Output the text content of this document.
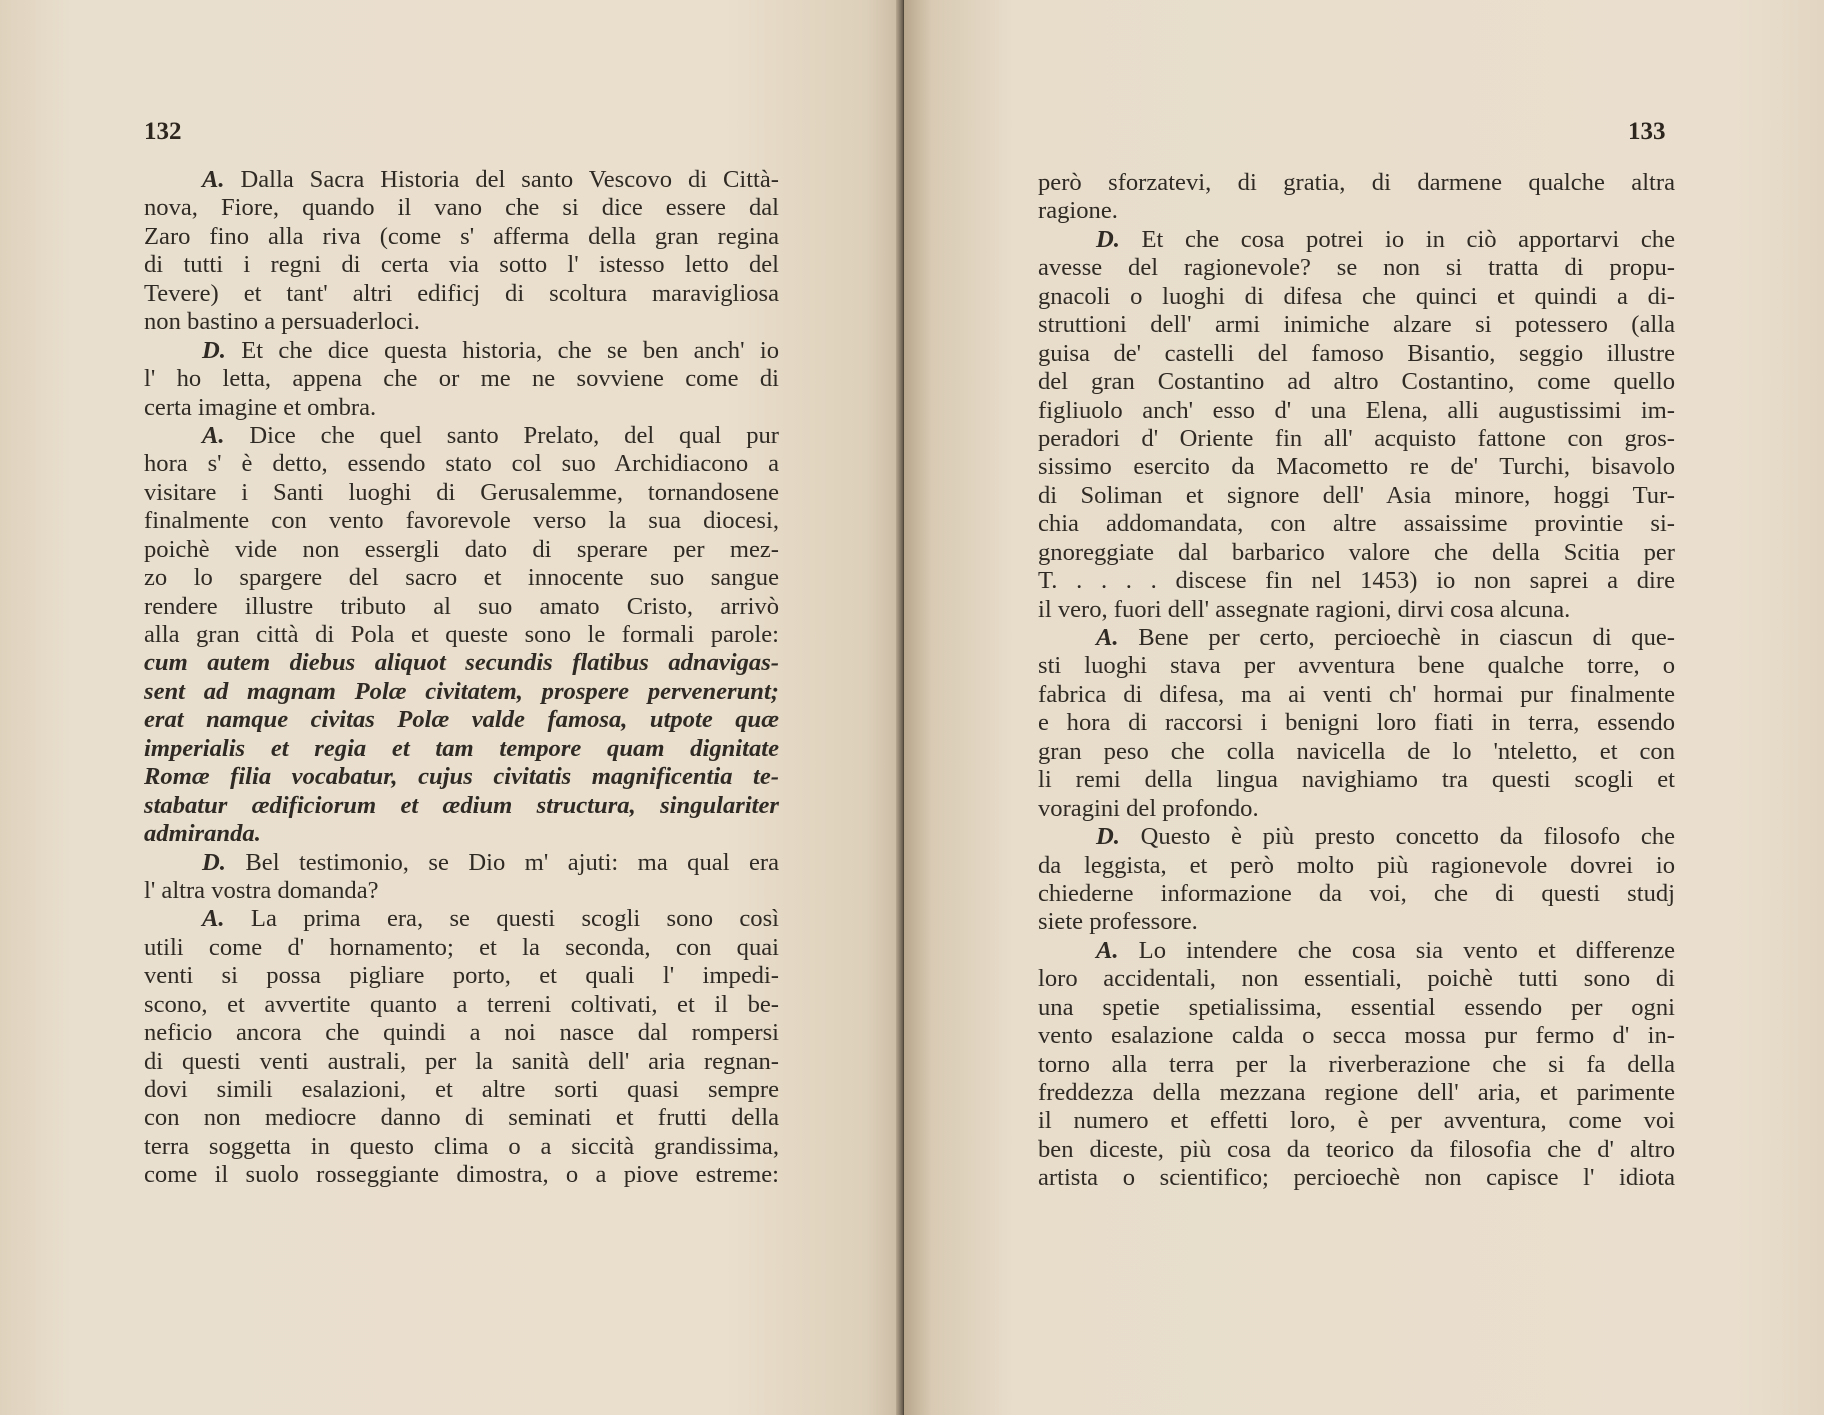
132
A. Dalla Sacra Historia del santo Vescovo di Città-
nova, Fiore, quando il vano che si dice essere dal
Zaro fino alla riva (come s' afferma della gran regina
di tutti i regni di certa via sotto l' istesso letto del
Tevere) et tant' altri edificj di scoltura maravigliosa
non bastino a persuaderloci.
D. Et che dice questa historia, che se ben anch' io
l' ho letta, appena che or me ne sovviene come di
certa imagine et ombra.
A. Dice che quel santo Prelato, del qual pur
hora s' è detto, essendo stato col suo Archidiacono a
visitare i Santi luoghi di Gerusalemme, tornandosene
finalmente con vento favorevole verso la sua diocesi,
poichè vide non essergli dato di sperare per mez-
zo lo spargere del sacro et innocente suo sangue
rendere illustre tributo al suo amato Cristo, arrivò
alla gran città di Pola et queste sono le formali parole:
cum autem diebus aliquot secundis flatibus adnavigas-
sent ad magnam Polæ civitatem, prospere pervenerunt;
erat namque civitas Polæ valde famosa, utpote quæ
imperialis et regia et tam tempore quam dignitate
Romæ filia vocabatur, cujus civitatis magnificentia te-
stabatur ædificiorum et ædium structura, singulariter
admiranda.
D. Bel testimonio, se Dio m' ajuti: ma qual era
l' altra vostra domanda?
A. La prima era, se questi scogli sono così
utili come d' hornamento; et la seconda, con quai
venti si possa pigliare porto, et quali l' impedi-
scono, et avvertite quanto a terreni coltivati, et il be-
neficio ancora che quindi a noi nasce dal rompersi
di questi venti australi, per la sanità dell' aria regnan-
dovi simili esalazioni, et altre sorti quasi sempre
con non mediocre danno di seminati et frutti della
terra soggetta in questo clima o a siccità grandissima,
come il suolo rosseggiante dimostra, o a piove estreme:
133
però sforzatevi, di gratia, di darmene qualche altra
ragione.
D. Et che cosa potrei io in ciò apportarvi che
avesse del ragionevole? se non si tratta di propu-
gnacoli o luoghi di difesa che quinci et quindi a di-
struttioni dell' armi inimiche alzare si potessero (alla
guisa de' castelli del famoso Bisantio, seggio illustre
del gran Costantino ad altro Costantino, come quello
figliuolo anch' esso d' una Elena, alli augustissimi im-
peradori d' Oriente fin all' acquisto fattone con gros-
sissimo esercito da Macometto re de' Turchi, bisavolo
di Soliman et signore dell' Asia minore, hoggi Tur-
chia addomandata, con altre assaissime provintie si-
gnoreggiate dal barbarico valore che della Scitia per
T. . . . . discese fin nel 1453) io non saprei a dire
il vero, fuori dell' assegnate ragioni, dirvi cosa alcuna.
A. Bene per certo, percioechè in ciascun di que-
sti luoghi stava per avventura bene qualche torre, o
fabrica di difesa, ma ai venti ch' hormai pur finalmente
e hora di raccorsi i benigni loro fiati in terra, essendo
gran peso che colla navicella de lo 'nteletto, et con
li remi della lingua navighiamo tra questi scogli et
voragini del profondo.
D. Questo è più presto concetto da filosofo che
da leggista, et però molto più ragionevole dovrei io
chiederne informazione da voi, che di questi studj
siete professore.
A. Lo intendere che cosa sia vento et differenze
loro accidentali, non essentiali, poichè tutti sono di
una spetie spetialissima, essential essendo per ogni
vento esalazione calda o secca mossa pur fermo d' in-
torno alla terra per la riverberazione che si fa della
freddezza della mezzana regione dell' aria, et parimente
il numero et effetti loro, è per avventura, come voi
ben diceste, più cosa da teorico da filosofia che d' altro
artista o scientifico; percioechè non capisce l' idiota
